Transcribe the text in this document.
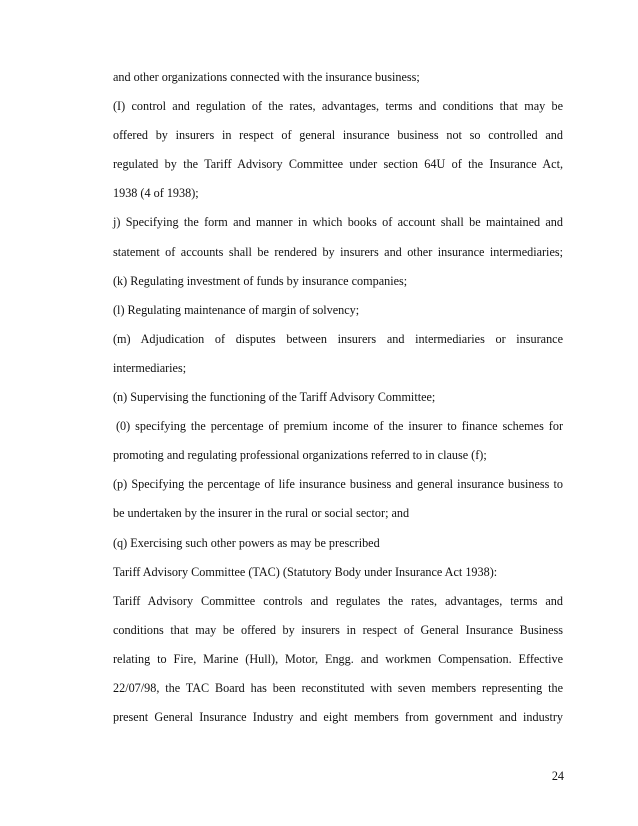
and other organizations connected with the insurance business;
(I) control and regulation of the rates, advantages, terms and conditions that may be
offered by insurers in respect of general insurance business not so controlled and
regulated by the Tariff Advisory Committee under section 64U of the Insurance Act,
1938 (4 of 1938);
j) Specifying the form and manner in which books of account shall be maintained and
statement of accounts shall be rendered by insurers and other insurance intermediaries;
(k) Regulating investment of funds by insurance companies;
(l) Regulating maintenance of margin of solvency;
(m) Adjudication of disputes between insurers and intermediaries or insurance
intermediaries;
(n) Supervising the functioning of the Tariff Advisory Committee;
(0) specifying the percentage of premium income of the insurer to finance schemes for
promoting and regulating professional organizations referred to in clause (f);
(p) Specifying the percentage of life insurance business and general insurance business to
be undertaken by the insurer in the rural or social sector; and
(q) Exercising such other powers as may be prescribed
Tariff Advisory Committee (TAC) (Statutory Body under Insurance Act 1938):
Tariff Advisory Committee controls and regulates the rates, advantages, terms and
conditions that may be offered by insurers in respect of General Insurance Business
relating to Fire, Marine (Hull), Motor, Engg. and workmen Compensation. Effective
22/07/98, the TAC Board has been reconstituted with seven members representing the
present General Insurance Industry and eight members from government and industry
24
